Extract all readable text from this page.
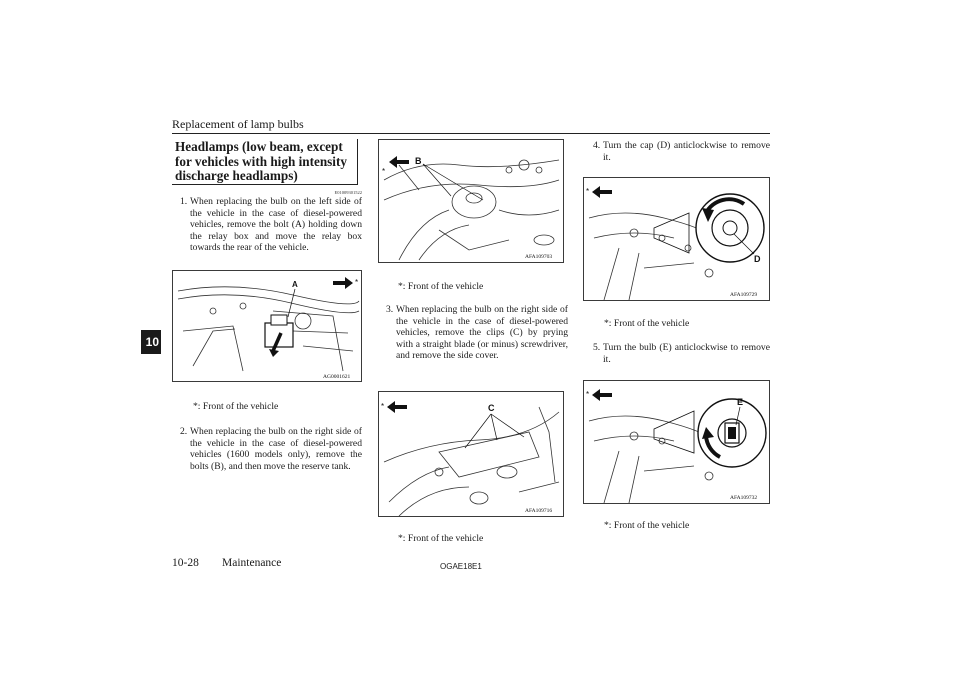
Replacement of lamp bulbs
10
Headlamps (low beam, except for vehicles with high intensity discharge headlamps)
E01009301522
1. When replacing the bulb on the left side of the vehicle in the case of diesel-powered vehicles, remove the bolt (A) holding down the relay box and move the relay box towards the rear of the vehicle.
A	*
AG0001621
*: Front of the vehicle
2. When replacing the bulb on the right side of the vehicle in the case of diesel-powered vehicles (1600 models only), remove the bolts (B), and then move the reserve tank.
B
*
AFA109703
*: Front of the vehicle
3. When replacing the bulb on the right side of the vehicle in the case of diesel-powered vehicles, remove the clips (C) by prying with a straight blade (or minus) screwdriver, and remove the side cover.
C
*
AFA109716
*: Front of the vehicle
4. Turn the cap (D) anticlockwise to remove it.
D
*
AFA109729
*: Front of the vehicle
5. Turn the bulb (E) anticlockwise to remove it.
E
*
AFA109732
*: Front of the vehicle
10-28 Maintenance	OGAE18E1
